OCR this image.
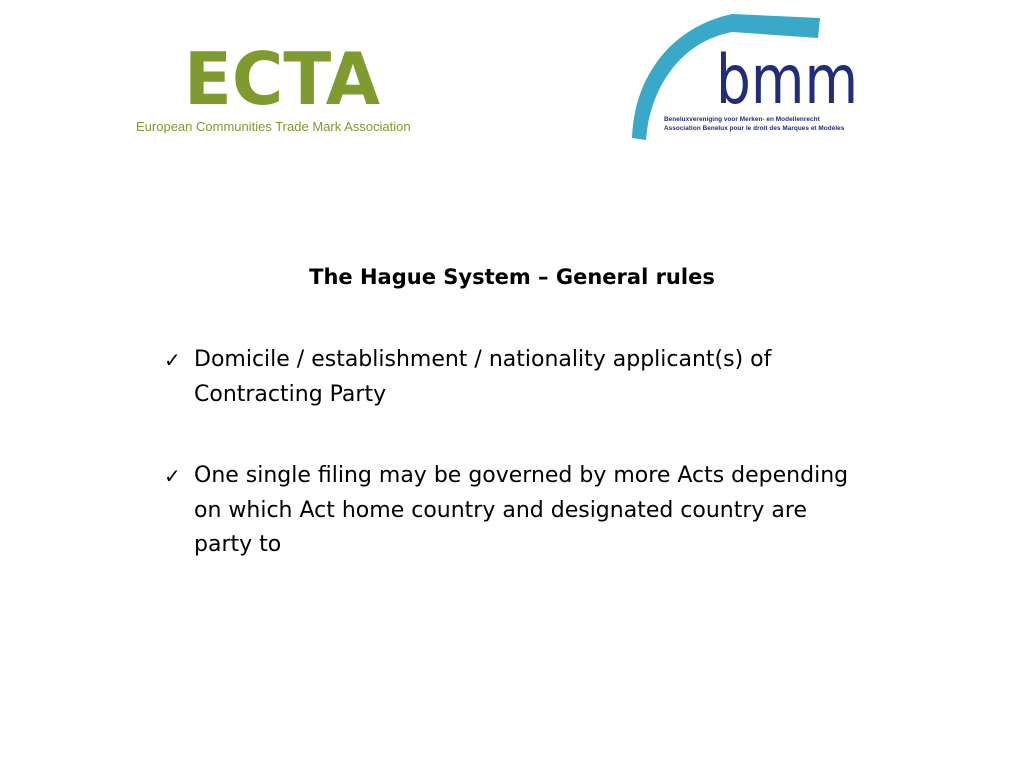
ECTA
European Communities Trade Mark Association
bmm
Beneluxvereniging voor Merken- en Modellenrecht
Association Benelux pour le droit des Marques et Modèles
The Hague System – General rules
✓ Domicile / establishment / nationality applicant(s) of Contracting Party
✓ One single filing may be governed by more Acts depending on which Act home country and designated country are party to
